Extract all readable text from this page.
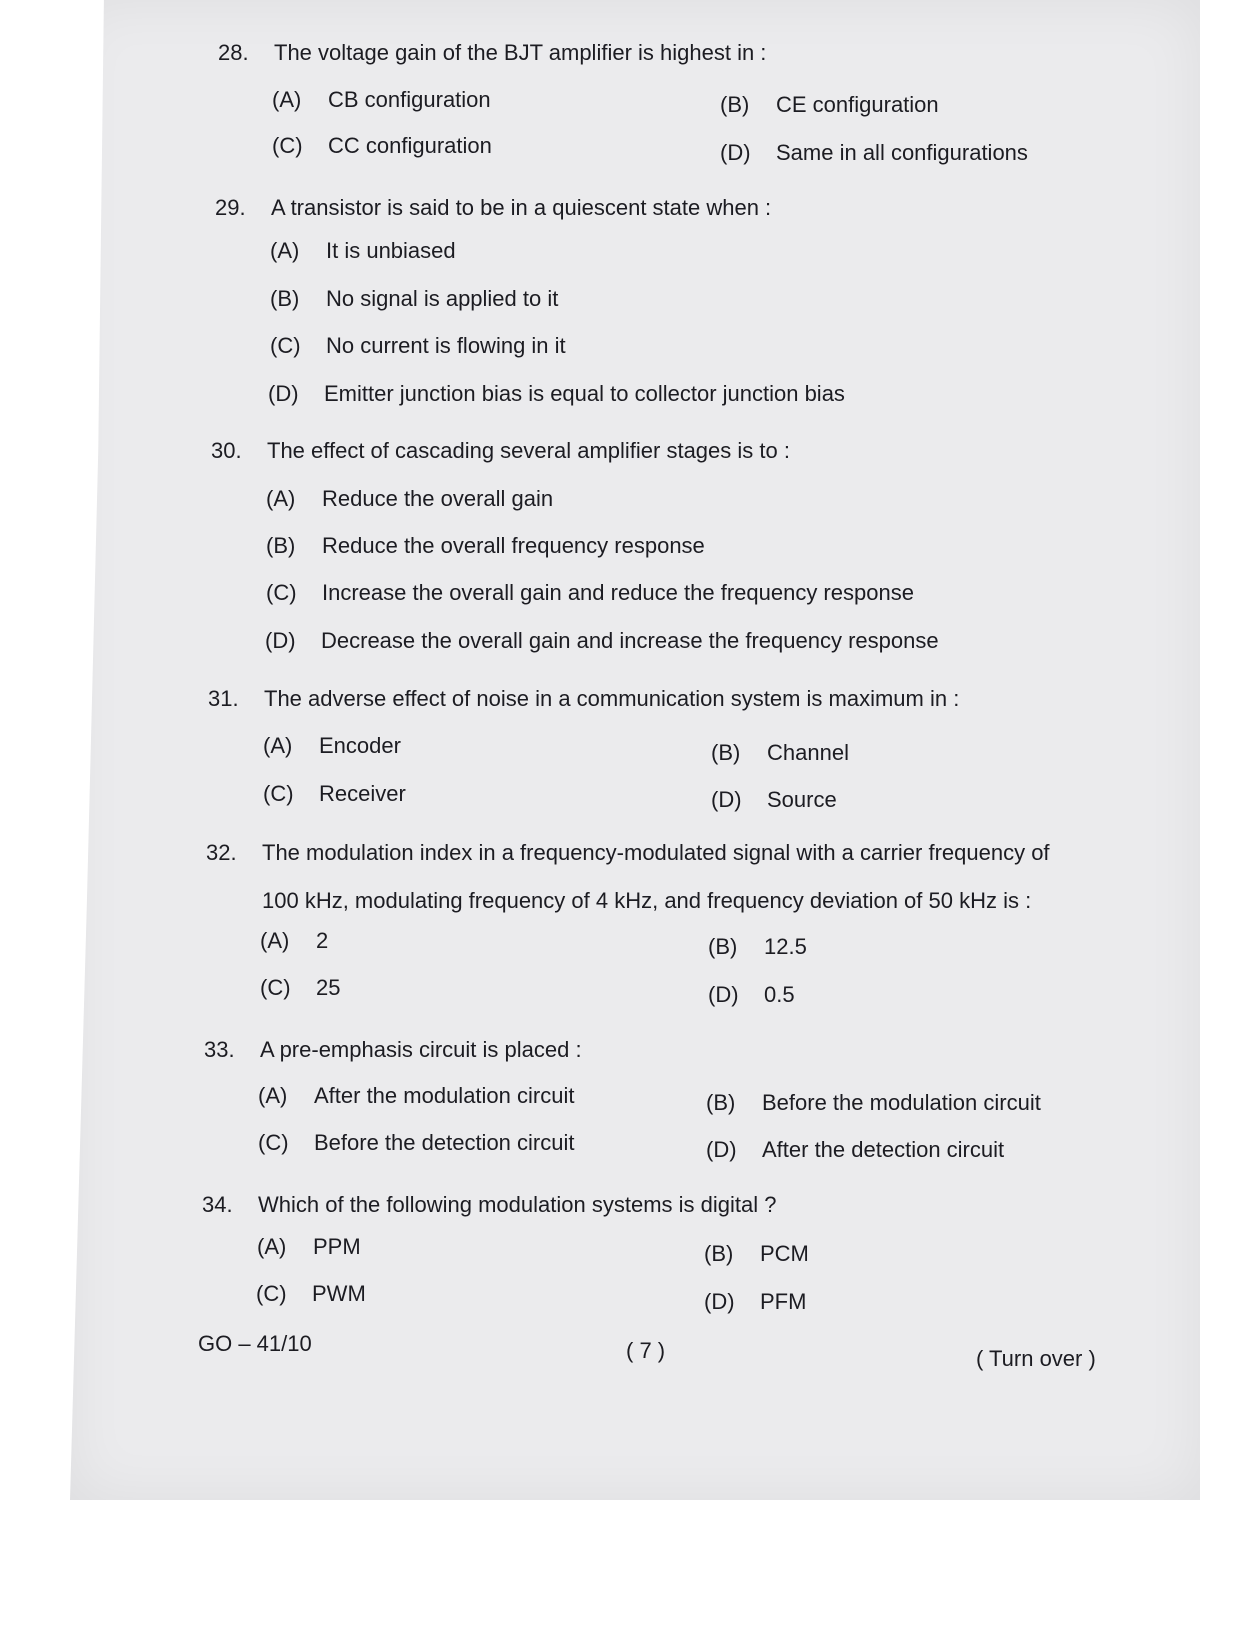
28. The voltage gain of the BJT amplifier is highest in :
(A) CB configuration	(B) CE configuration
(C) CC configuration	(D) Same in all configurations
29. A transistor is said to be in a quiescent state when :
(A) It is unbiased
(B) No signal is applied to it
(C) No current is flowing in it
(D) Emitter junction bias is equal to collector junction bias
30. The effect of cascading several amplifier stages is to :
(A) Reduce the overall gain
(B) Reduce the overall frequency response
(C) Increase the overall gain and reduce the frequency response
(D) Decrease the overall gain and increase the frequency response
31. The adverse effect of noise in a communication system is maximum in :
(A) Encoder	(B) Channel
(C) Receiver	(D) Source
32. The modulation index in a frequency-modulated signal with a carrier frequency of
100 kHz, modulating frequency of 4 kHz, and frequency deviation of 50 kHz is :
(A) 2	(B) 12.5
(C) 25	(D) 0.5
33. A pre-emphasis circuit is placed :
(A) After the modulation circuit	(B) Before the modulation circuit
(C) Before the detection circuit	(D) After the detection circuit
34. Which of the following modulation systems is digital ?
(A) PPM	(B) PCM
(C) PWM	(D) PFM
GO – 41/10	( 7 )	( Turn over )
